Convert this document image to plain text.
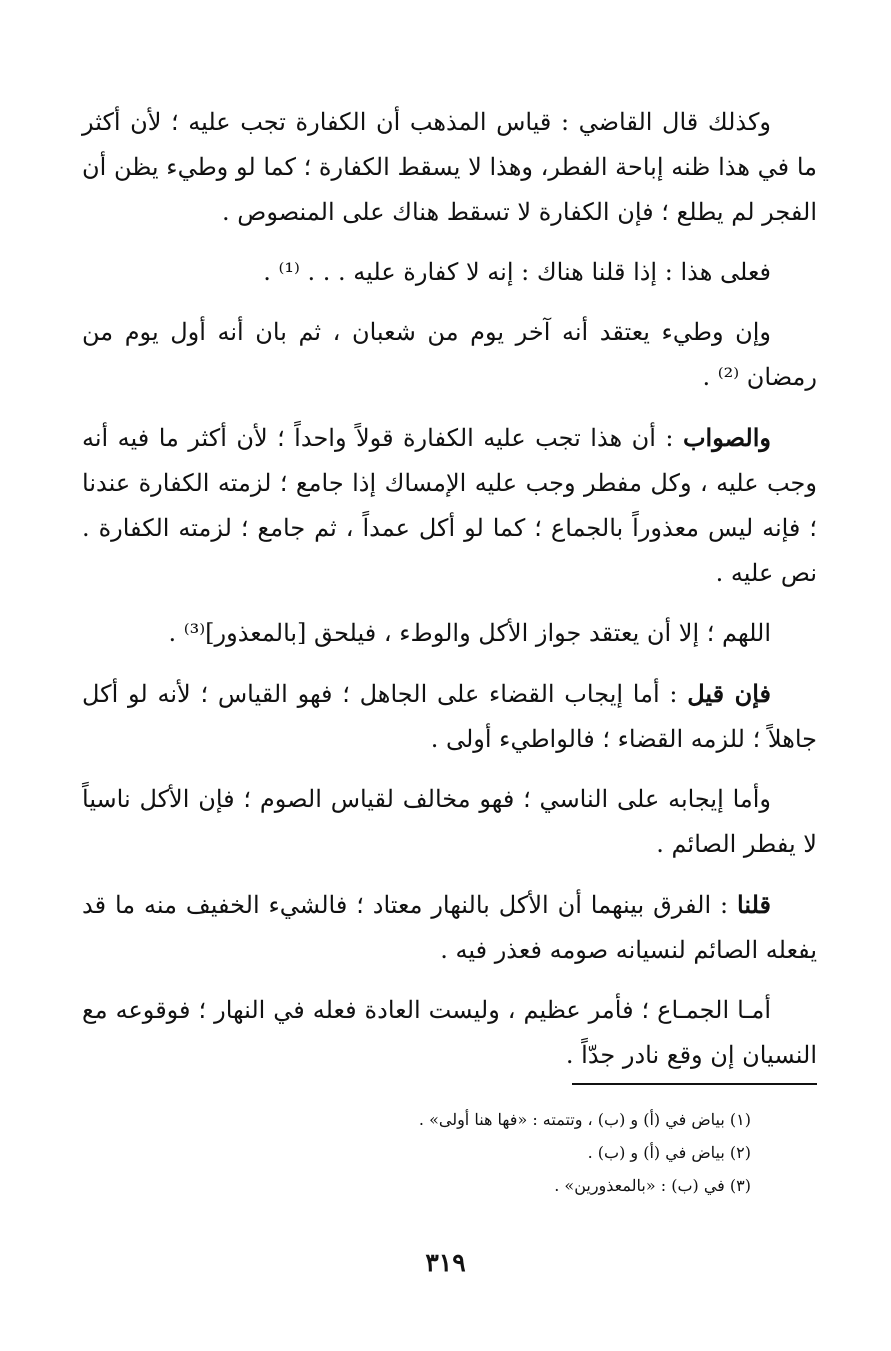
وكذلك قال القاضي : قياس المذهب أن الكفارة تجب عليه ؛ لأن أكثر ما في هذا ظنه إباحة الفطر، وهذا لا يسقط الكفارة ؛ كما لو وطيء يظن أن الفجر لم يطلع ؛ فإن الكفارة لا تسقط هناك على المنصوص .

فعلى هذا : إذا قلنا هناك : إنه لا كفارة عليه . . . ⁽¹⁾ .

وإن وطيء يعتقد أنه آخر يوم من شعبان ، ثم بان أنه أول يوم من رمضان ⁽²⁾ .

والصواب : أن هذا تجب عليه الكفارة قولاً واحداً ؛ لأن أكثر ما فيه أنه وجب عليه ، وكل مفطر وجب عليه الإمساك إذا جامع ؛ لزمته الكفارة عندنا ؛ فإنه ليس معذوراً بالجماع ؛ كما لو أكل عمداً ، ثم جامع ؛ لزمته الكفارة . نص عليه .

اللهم ؛ إلا أن يعتقد جواز الأكل والوطء ، فيلحق [بالمعذور]⁽³⁾ .

فإن قيل : أما إيجاب القضاء على الجاهل ؛ فهو القياس ؛ لأنه لو أكل جاهلاً ؛ للزمه القضاء ؛ فالواطيء أولى .

وأما إيجابه على الناسي ؛ فهو مخالف لقياس الصوم ؛ فإن الأكل ناسياً لا يفطر الصائم .

قلنا : الفرق بينهما أن الأكل بالنهار معتاد ؛ فالشيء الخفيف منه ما قد يفعله الصائم لنسيانه صومه فعذر فيه .

أمـا الجمـاع ؛ فأمر عظيم ، وليست العادة فعله في النهار ؛ فوقوعه مع النسيان إن وقع نادر جدّاً .

(١) بياض في (أ) و (ب) ، وتتمته : «فها هنا أولى» .

(٢) بياض في (أ) و (ب) .

(٣) في (ب) : «بالمعذورين» .

٣١٩
